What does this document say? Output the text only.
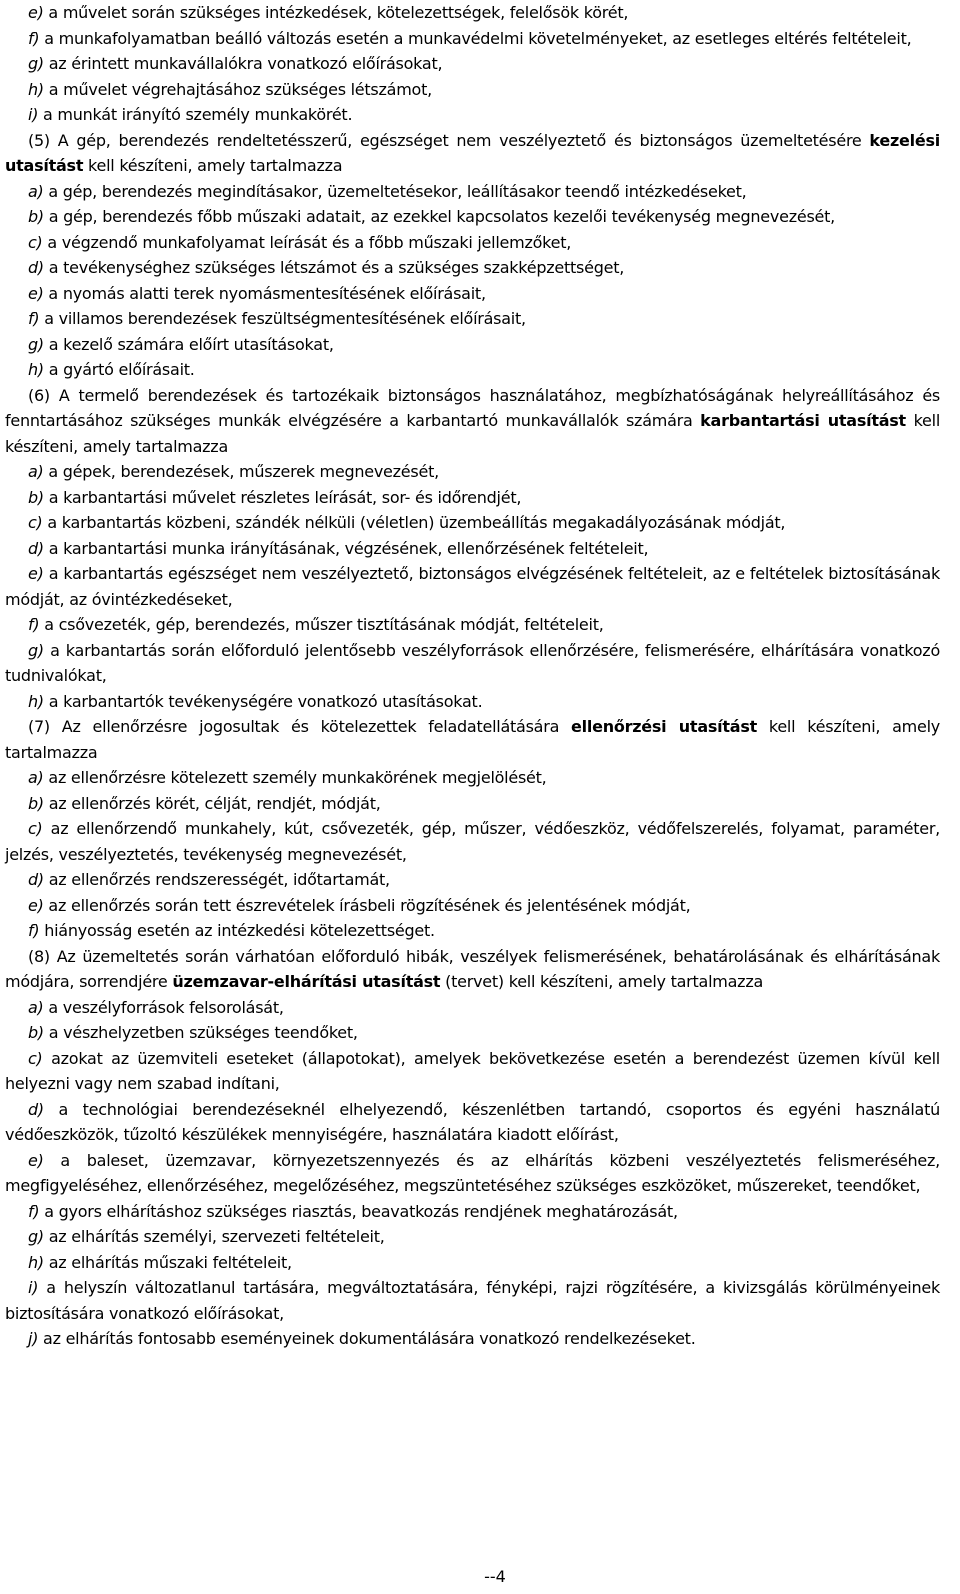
e) a művelet során szükséges intézkedések, kötelezettségek, felelősök körét,

f) a munkafolyamatban beálló változás esetén a munkavédelmi követelményeket, az esetleges eltérés feltételeit,

g) az érintett munkavállalókra vonatkozó előírásokat,

h) a művelet végrehajtásához szükséges létszámot,

i) a munkát irányító személy munkakörét.

(5) A gép, berendezés rendeltetésszerű, egészséget nem veszélyeztető és biztonságos üzemeltetésére kezelési utasítást kell készíteni, amely tartalmazza

a) a gép, berendezés megindításakor, üzemeltetésekor, leállításakor teendő intézkedéseket,

b) a gép, berendezés főbb műszaki adatait, az ezekkel kapcsolatos kezelői tevékenység megnevezését,

c) a végzendő munkafolyamat leírását és a főbb műszaki jellemzőket,

d) a tevékenységhez szükséges létszámot és a szükséges szakképzettséget,

e) a nyomás alatti terek nyomásmentesítésének előírásait,

f) a villamos berendezések feszültségmentesítésének előírásait,

g) a kezelő számára előírt utasításokat,

h) a gyártó előírásait.

(6) A termelő berendezések és tartozékaik biztonságos használatához, megbízhatóságának helyreállításához és fenntartásához szükséges munkák elvégzésére a karbantartó munkavállalók számára karbantartási utasítást kell készíteni, amely tartalmazza

a) a gépek, berendezések, műszerek megnevezését,

b) a karbantartási művelet részletes leírását, sor- és időrendjét,

c) a karbantartás közbeni, szándék nélküli (véletlen) üzembeállítás megakadályozásának módját,

d) a karbantartási munka irányításának, végzésének, ellenőrzésének feltételeit,

e) a karbantartás egészséget nem veszélyeztető, biztonságos elvégzésének feltételeit, az e feltételek biztosításának módját, az óvintézkedéseket,

f) a csővezeték, gép, berendezés, műszer tisztításának módját, feltételeit,

g) a karbantartás során előforduló jelentősebb veszélyforrások ellenőrzésére, felismerésére, elhárítására vonatkozó tudnivalókat,

h) a karbantartók tevékenységére vonatkozó utasításokat.

(7) Az ellenőrzésre jogosultak és kötelezettek feladatellátására ellenőrzési utasítást kell készíteni, amely tartalmazza

a) az ellenőrzésre kötelezett személy munkakörének megjelölését,

b) az ellenőrzés körét, célját, rendjét, módját,

c) az ellenőrzendő munkahely, kút, csővezeték, gép, műszer, védőeszköz, védőfelszerelés, folyamat, paraméter, jelzés, veszélyeztetés, tevékenység megnevezését,

d) az ellenőrzés rendszerességét, időtartamát,

e) az ellenőrzés során tett észrevételek írásbeli rögzítésének és jelentésének módját,

f) hiányosság esetén az intézkedési kötelezettséget.

(8) Az üzemeltetés során várhatóan előforduló hibák, veszélyek felismerésének, behatárolásának és elhárításának módjára, sorrendjére üzemzavar-elhárítási utasítást (tervet) kell készíteni, amely tartalmazza

a) a veszélyforrások felsorolását,

b) a vészhelyzetben szükséges teendőket,

c) azokat az üzemviteli eseteket (állapotokat), amelyek bekövetkezése esetén a berendezést üzemen kívül kell helyezni vagy nem szabad indítani,

d) a technológiai berendezéseknél elhelyezendő, készenlétben tartandó, csoportos és egyéni használatú védőeszközök, tűzoltó készülékek mennyiségére, használatára kiadott előírást,

e) a baleset, üzemzavar, környezetszennyezés és az elhárítás közbeni veszélyeztetés felismeréséhez, megfigyeléséhez, ellenőrzéséhez, megelőzéséhez, megszüntetéséhez szükséges eszközöket, műszereket, teendőket,

f) a gyors elhárításhoz szükséges riasztás, beavatkozás rendjének meghatározását,

g) az elhárítás személyi, szervezeti feltételeit,

h) az elhárítás műszaki feltételeit,

i) a helyszín változatlanul tartására, megváltoztatására, fényképi, rajzi rögzítésére, a kivizsgálás körülményeinek biztosítására vonatkozó előírásokat,

j) az elhárítás fontosabb eseményeinek dokumentálására vonatkozó rendelkezéseket.

--4
